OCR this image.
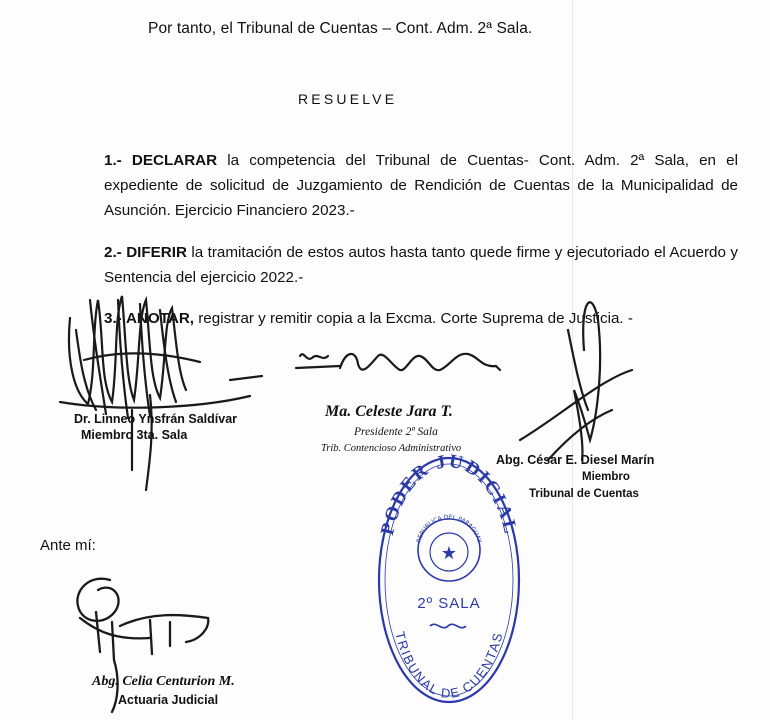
Por tanto, el Tribunal de Cuentas – Cont. Adm. 2ª Sala.
RESUELVE
1.- DECLARAR la competencia del Tribunal de Cuentas- Cont. Adm. 2ª Sala, en el expediente de solicitud de Juzgamiento de Rendición de Cuentas de la Municipalidad de Asunción. Ejercicio Financiero 2023.-
2.- DIFERIR la tramitación de estos autos hasta tanto quede firme y ejecutoriado el Acuerdo y Sentencia del ejercicio 2022.-
3.- ANOTAR, registrar y remitir copia a la Excma. Corte Suprema de Justicia. -
PODER JUDICIAL
TRIBUNAL DE CUENTAS
REPUBLICA DEL PARAGUAY
★
2º SALA
Dr. Linneo Ynsfrán Saldívar
Miembro 3ta. Sala
Ma. Celeste Jara T.
Presidente 2ª Sala
Trib. Contencioso Administrativo
Abg. César E. Diesel Marín
Miembro
Tribunal de Cuentas
Ante mí:
Abg. Celia Centurion M.
Actuaria Judicial
